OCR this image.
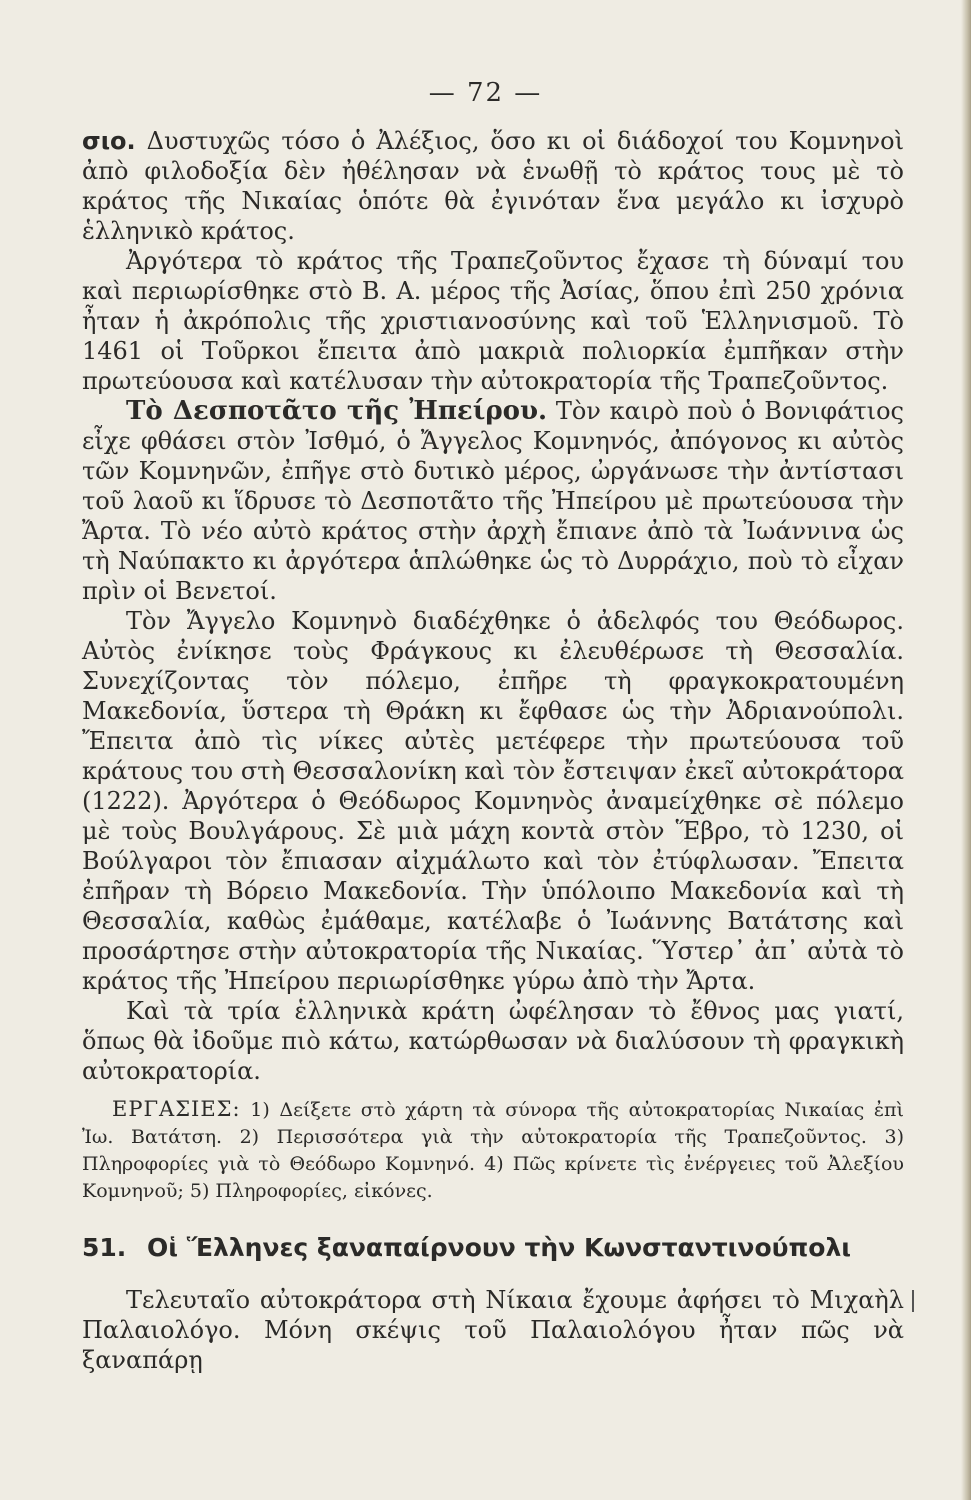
— 72 —

σιο. Δυστυχῶς τόσο ὁ Ἀλέξιος, ὅσο κι οἱ διάδοχοί του Κομνηνοὶ ἀπὸ φιλοδοξία δὲν ἠθέλησαν νὰ ἑνωθῇ τὸ κράτος τους μὲ τὸ κράτος τῆς Νικαίας ὁπότε θὰ ἐγινόταν ἕνα μεγάλο κι ἰσχυρὸ ἑλληνικὸ κράτος.

Ἀργότερα τὸ κράτος τῆς Τραπεζοῦντος ἔχασε τὴ δύναμί του καὶ περιωρίσθηκε στὸ Β. Α. μέρος τῆς Ἀσίας, ὅπου ἐπὶ 250 χρόνια ἦταν ἡ ἀκρόπολις τῆς χριστιανοσύνης καὶ τοῦ Ἑλληνισμοῦ. Τὸ 1461 οἱ Τοῦρκοι ἔπειτα ἀπὸ μακριὰ πολιορκία ἐμπῆκαν στὴν πρωτεύουσα καὶ κατέλυσαν τὴν αὐτοκρατορία τῆς Τραπεζοῦντος.

Τὸ Δεσποτᾶτο τῆς Ἠπείρου. Τὸν καιρὸ ποὺ ὁ Βονιφάτιος εἶχε φθάσει στὸν Ἰσθμό, ὁ Ἄγγελος Κομνηνός, ἀπόγονος κι αὐτὸς τῶν Κομνηνῶν, ἐπῆγε στὸ δυτικὸ μέρος, ὠργάνωσε τὴν ἀντίστασι τοῦ λαοῦ κι ἵδρυσε τὸ Δεσποτᾶτο τῆς Ἠπείρου μὲ πρωτεύουσα τὴν Ἄρτα. Τὸ νέο αὐτὸ κράτος στὴν ἀρχὴ ἔπιανε ἀπὸ τὰ Ἰωάννινα ὡς τὴ Ναύπακτο κι ἀργότερα ἁπλώθηκε ὡς τὸ Δυρράχιο, ποὺ τὸ εἶχαν πρὶν οἱ Βενετοί.

Τὸν Ἄγγελο Κομνηνὸ διαδέχθηκε ὁ ἀδελφός του Θεόδωρος. Αὐτὸς ἐνίκησε τοὺς Φράγκους κι ἐλευθέρωσε τὴ Θεσσαλία. Συνεχίζοντας τὸν πόλεμο, ἐπῆρε τὴ φραγκοκρατουμένη Μακεδονία, ὕστερα τὴ Θράκη κι ἔφθασε ὡς τὴν Ἀδριανούπολι. Ἔπειτα ἀπὸ τὶς νίκες αὐτὲς μετέφερε τὴν πρωτεύουσα τοῦ κράτους του στὴ Θεσσαλονίκη καὶ τὸν ἔστειψαν ἐκεῖ αὐτοκράτορα (1222). Ἀργότερα ὁ Θεόδωρος Κομνηνὸς ἀναμείχθηκε σὲ πόλεμο μὲ τοὺς Βουλγάρους. Σὲ μιὰ μάχη κοντὰ στὸν Ἕβρο, τὸ 1230, οἱ Βούλγαροι τὸν ἔπιασαν αἰχμάλωτο καὶ τὸν ἐτύφλωσαν. Ἔπειτα ἐπῆραν τὴ Βόρειο Μακεδονία. Τὴν ὑπόλοιπο Μακεδονία καὶ τὴ Θεσσαλία, καθὼς ἐμάθαμε, κατέλαβε ὁ Ἰωάννης Βατάτσης καὶ προσάρτησε στὴν αὐτοκρατορία τῆς Νικαίας. Ὕστερ᾽ ἀπ᾽ αὐτὰ τὸ κράτος τῆς Ἠπείρου περιωρίσθηκε γύρω ἀπὸ τὴν Ἄρτα.

Καὶ τὰ τρία ἑλληνικὰ κράτη ὠφέλησαν τὸ ἔθνος μας γιατί, ὅπως θὰ ἰδοῦμε πιὸ κάτω, κατώρθωσαν νὰ διαλύσουν τὴ φραγκικὴ αὐτοκρατορία.

ΕΡΓΑΣΙΕΣ: 1) Δείξετε στὸ χάρτη τὰ σύνορα τῆς αὐτοκρατορίας Νικαίας ἐπὶ Ἰω. Βατάτση. 2) Περισσότερα γιὰ τὴν αὐτοκρατορία τῆς Τραπεζοῦντος. 3) Πληροφορίες γιὰ τὸ Θεόδωρο Κομνηνό. 4) Πῶς κρίνετε τὶς ἐνέργειες τοῦ Ἀλεξίου Κομνηνοῦ; 5) Πληροφορίες, εἰκόνες.

51. Οἱ Ἕλληνες ξαναπαίρνουν τὴν Κωνσταντινούπολι

Τελευταῖο αὐτοκράτορα στὴ Νίκαια ἔχουμε ἀφήσει τὸ Μιχαὴλ Παλαιολόγο. Μόνη σκέψις τοῦ Παλαιολόγου ἦταν πῶς νὰ ξαναπάρῃ
